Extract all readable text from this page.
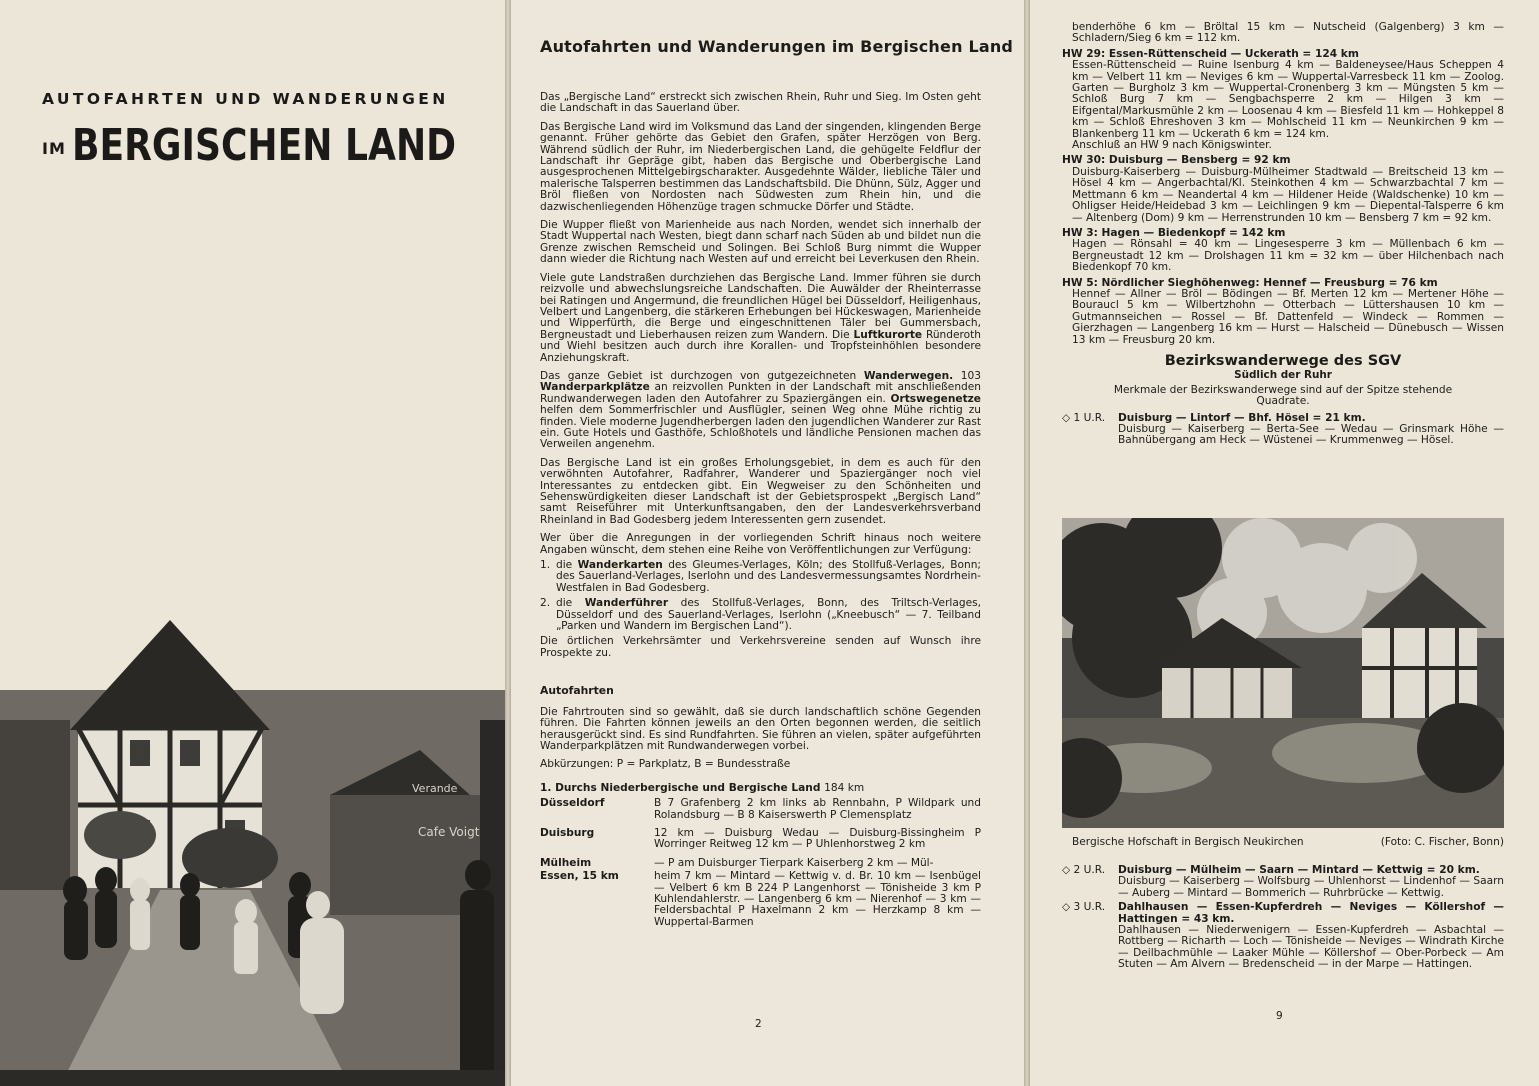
AUTOFAHRTEN UND WANDERUNGEN
IM BERGISCHEN LAND
Verande
Cafe Voigt
Autofahrten und Wanderungen im Bergischen Land

Das „Bergische Land“ erstreckt sich zwischen Rhein, Ruhr und Sieg. Im Osten geht die Landschaft in das Sauerland über.

Das Bergische Land wird im Volksmund das Land der singenden, klingenden Berge genannt. Früher gehörte das Gebiet den Grafen, später Herzögen von Berg. Während südlich der Ruhr, im Niederbergischen Land, die gehügelte Feldflur der Landschaft ihr Gepräge gibt, haben das Bergische und Oberbergische Land ausgesprochenen Mittelgebirgscharakter. Ausgedehnte Wälder, liebliche Täler und malerische Talsperren bestimmen das Landschaftsbild. Die Dhünn, Sülz, Agger und Bröl fließen von Nordosten nach Südwesten zum Rhein hin, und die dazwischenliegenden Höhenzüge tragen schmucke Dörfer und Städte.

Die Wupper fließt von Marienheide aus nach Norden, wendet sich innerhalb der Stadt Wuppertal nach Westen, biegt dann scharf nach Süden ab und bildet nun die Grenze zwischen Remscheid und Solingen. Bei Schloß Burg nimmt die Wupper dann wieder die Richtung nach Westen auf und erreicht bei Leverkusen den Rhein.

Viele gute Landstraßen durchziehen das Bergische Land. Immer führen sie durch reizvolle und abwechslungsreiche Landschaften. Die Auwälder der Rheinterrasse bei Ratingen und Angermund, die freundlichen Hügel bei Düsseldorf, Heiligenhaus, Velbert und Langenberg, die stärkeren Erhebungen bei Hückeswagen, Marienheide und Wipperfürth, die Berge und eingeschnittenen Täler bei Gummersbach, Bergneustadt und Lieberhausen reizen zum Wandern. Die Luftkurorte Ründeroth und Wiehl besitzen auch durch ihre Korallen- und Tropfsteinhöhlen besondere Anziehungskraft.

Das ganze Gebiet ist durchzogen von gutgezeichneten Wanderwegen. 103 Wanderparkplätze an reizvollen Punkten in der Landschaft mit anschließenden Rundwanderwegen laden den Autofahrer zu Spaziergängen ein. Ortswegenetze helfen dem Sommerfrischler und Ausflügler, seinen Weg ohne Mühe richtig zu finden. Viele moderne Jugendherbergen laden den jugendlichen Wanderer zur Rast ein. Gute Hotels und Gasthöfe, Schloßhotels und ländliche Pensionen machen das Verweilen angenehm.

Das Bergische Land ist ein großes Erholungsgebiet, in dem es auch für den verwöhnten Autofahrer, Radfahrer, Wanderer und Spaziergänger noch viel Interessantes zu entdecken gibt. Ein Wegweiser zu den Schönheiten und Sehenswürdigkeiten dieser Landschaft ist der Gebietsprospekt „Bergisch Land“ samt Reiseführer mit Unterkunftsangaben, den der Landesverkehrsverband Rheinland in Bad Godesberg jedem Interessenten gern zusendet.

Wer über die Anregungen in der vorliegenden Schrift hinaus noch weitere Angaben wünscht, dem stehen eine Reihe von Veröffentlichungen zur Verfügung:

1. die Wanderkarten des Gleumes-Verlages, Köln; des Stollfuß-Verlages, Bonn; des Sauerland-Verlages, Iserlohn und des Landesvermessungsamtes Nordrhein-Westfalen in Bad Godesberg.
2. die Wanderführer des Stollfuß-Verlages, Bonn, des Triltsch-Verlages, Düsseldorf und des Sauerland-Verlages, Iserlohn („Kneebusch“ — 7. Teilband „Parken und Wandern im Bergischen Land“).

Die örtlichen Verkehrsämter und Verkehrsvereine senden auf Wunsch ihre Prospekte zu.

Autofahrten

Die Fahrtrouten sind so gewählt, daß sie durch landschaftlich schöne Gegenden führen. Die Fahrten können jeweils an den Orten begonnen werden, die seitlich herausgerückt sind. Es sind Rundfahrten. Sie führen an vielen, später aufgeführten Wanderparkplätzen mit Rundwanderwegen vorbei.

Abkürzungen: P = Parkplatz, B = Bundesstraße

1. Durchs Niederbergische und Bergische Land 184 km
Düsseldorf	B 7 Grafenberg 2 km links ab Rennbahn, P Wildpark und Rolandsburg — B 8 Kaiserswerth P Clemensplatz
Duisburg	12 km — Duisburg Wedau — Duisburg-Bissingheim P Worringer Reitweg 12 km — P Uhlenhorstweg 2 km
Mülheim	— P am Duisburger Tierpark Kaiserberg 2 km — Mül-
Essen, 15 km	heim 7 km — Mintard — Kettwig v. d. Br. 10 km — Isenbügel — Velbert 6 km B 224 P Langenhorst — Tönisheide 3 km P Kuhlendahlerstr. — Langenberg 6 km — Nierenhof — 3 km — Feldersbachtal P Haxelmann 2 km — Herzkamp 8 km — Wuppertal-Barmen
2
benderhöhe 6 km — Bröltal 15 km — Nutscheid (Galgenberg) 3 km — Schladern/Sieg 6 km = 112 km.
HW 29: Essen-Rüttenscheid — Uckerath = 124 km
Essen-Rüttenscheid — Ruine Isenburg 4 km — Baldeneysee/Haus Scheppen 4 km — Velbert 11 km — Neviges 6 km — Wuppertal-Varresbeck 11 km — Zoolog. Garten — Burgholz 3 km — Wuppertal-Cronenberg 3 km — Müngsten 5 km — Schloß Burg 7 km — Sengbachsperre 2 km — Hilgen 3 km — Eifgental/Markusmühle 2 km — Loosenau 4 km — Biesfeld 11 km — Hohkeppel 8 km — Schloß Ehreshoven 3 km — Mohlscheid 11 km — Neunkirchen 9 km — Blankenberg 11 km — Uckerath 6 km = 124 km.
Anschluß an HW 9 nach Königswinter.
HW 30: Duisburg — Bensberg = 92 km
Duisburg-Kaiserberg — Duisburg-Mülheimer Stadtwald — Breitscheid 13 km — Hösel 4 km — Angerbachtal/Kl. Steinkothen 4 km — Schwarzbachtal 7 km — Mettmann 6 km — Neandertal 4 km — Hildener Heide (Waldschenke) 10 km — Ohligser Heide/Heidebad 3 km — Leichlingen 9 km — Diepental-Talsperre 6 km — Altenberg (Dom) 9 km — Herrenstrunden 10 km — Bensberg 7 km = 92 km.
HW 3: Hagen — Biedenkopf = 142 km
Hagen — Rönsahl = 40 km — Lingesesperre 3 km — Müllenbach 6 km — Bergneustadt 12 km — Drolshagen 11 km = 32 km — über Hilchenbach nach Biedenkopf 70 km.
HW 5: Nördlicher Sieghöhenweg: Hennef — Freusburg = 76 km
Hennef — Allner — Bröl — Bödingen — Bf. Merten 12 km — Mertener Höhe — Bouraucl 5 km — Wilbertzhohn — Otterbach — Lüttershausen 10 km — Gutmannseichen — Rossel — Bf. Dattenfeld — Windeck — Rommen — Gierzhagen — Langenberg 16 km — Hurst — Halscheid — Dünebusch — Wissen 13 km — Freusburg 20 km.
Bezirkswanderwege des SGV
Südlich der Ruhr
Merkmale der Bezirkswanderwege sind auf der Spitze stehende Quadrate.
◇ 1 U.R.	Duisburg — Lintorf — Bhf. Hösel = 21 km.
Duisburg — Kaiserberg — Berta-See — Wedau — Grinsmark Höhe — Bahnübergang am Heck — Wüstenei — Krummenweg — Hösel.
Bergische Hofschaft in Bergisch Neukirchen	(Foto: C. Fischer, Bonn)
◇ 2 U.R.	Duisburg — Mülheim — Saarn — Mintard — Kettwig = 20 km.
Duisburg — Kaiserberg — Wolfsburg — Uhlenhorst — Lindenhof — Saarn — Auberg — Mintard — Bommerich — Ruhrbrücke — Kettwig.
◇ 3 U.R.	Dahlhausen — Essen-Kupferdreh — Neviges — Köllershof — Hattingen = 43 km.
Dahlhausen — Niederwenigern — Essen-Kupferdreh — Asbachtal — Rottberg — Richarth — Loch — Tönisheide — Neviges — Windrath Kirche — Deilbachmühle — Laaker Mühle — Köllershof — Ober-Porbeck — Am Stuten — Am Alvern — Bredenscheid — in der Marpe — Hattingen.
9
